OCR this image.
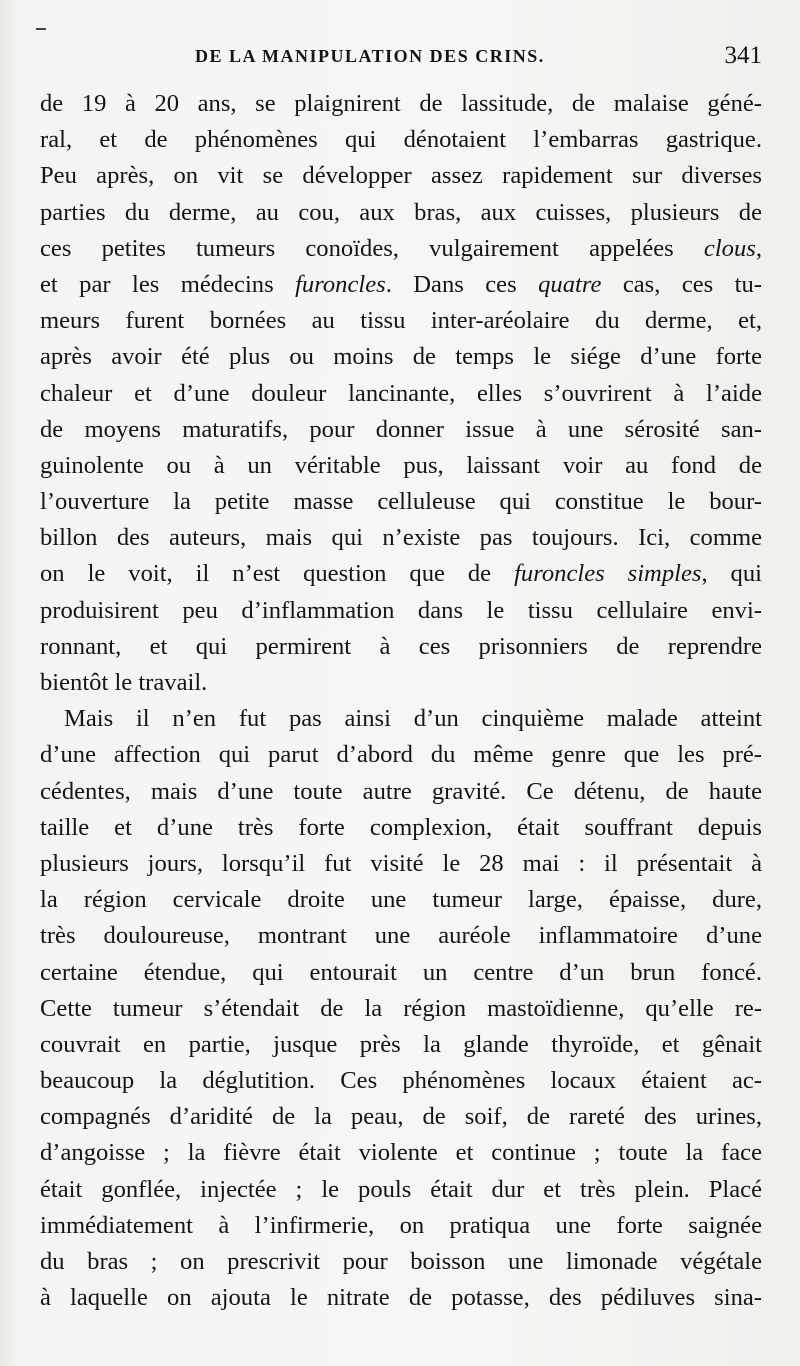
DE LA MANIPULATION DES CRINS.	341
de 19 à 20 ans, se plaignirent de lassitude, de malaise géné-
ral, et de phénomènes qui dénotaient l’embarras gastrique.
Peu après, on vit se développer assez rapidement sur diverses
parties du derme, au cou, aux bras, aux cuisses, plusieurs de
ces petites tumeurs conoïdes, vulgairement appelées clous,
et par les médecins furoncles. Dans ces quatre cas, ces tu-
meurs furent bornées au tissu inter-aréolaire du derme, et,
après avoir été plus ou moins de temps le siége d’une forte
chaleur et d’une douleur lancinante, elles s’ouvrirent à l’aide
de moyens maturatifs, pour donner issue à une sérosité san-
guinolente ou à un véritable pus, laissant voir au fond de
l’ouverture la petite masse celluleuse qui constitue le bour-
billon des auteurs, mais qui n’existe pas toujours. Ici, comme
on le voit, il n’est question que de furoncles simples, qui
produisirent peu d’inflammation dans le tissu cellulaire envi-
ronnant, et qui permirent à ces prisonniers de reprendre
bientôt le travail.
Mais il n’en fut pas ainsi d’un cinquième malade atteint
d’une affection qui parut d’abord du même genre que les pré-
cédentes, mais d’une toute autre gravité. Ce détenu, de haute
taille et d’une très forte complexion, était souffrant depuis
plusieurs jours, lorsqu’il fut visité le 28 mai : il présentait à
la région cervicale droite une tumeur large, épaisse, dure,
très douloureuse, montrant une auréole inflammatoire d’une
certaine étendue, qui entourait un centre d’un brun foncé.
Cette tumeur s’étendait de la région mastoïdienne, qu’elle re-
couvrait en partie, jusque près la glande thyroïde, et gênait
beaucoup la déglutition. Ces phénomènes locaux étaient ac-
compagnés d’aridité de la peau, de soif, de rareté des urines,
d’angoisse ; la fièvre était violente et continue ; toute la face
était gonflée, injectée ; le pouls était dur et très plein. Placé
immédiatement à l’infirmerie, on pratiqua une forte saignée
du bras ; on prescrivit pour boisson une limonade végétale
à laquelle on ajouta le nitrate de potasse, des pédiluves sina-
